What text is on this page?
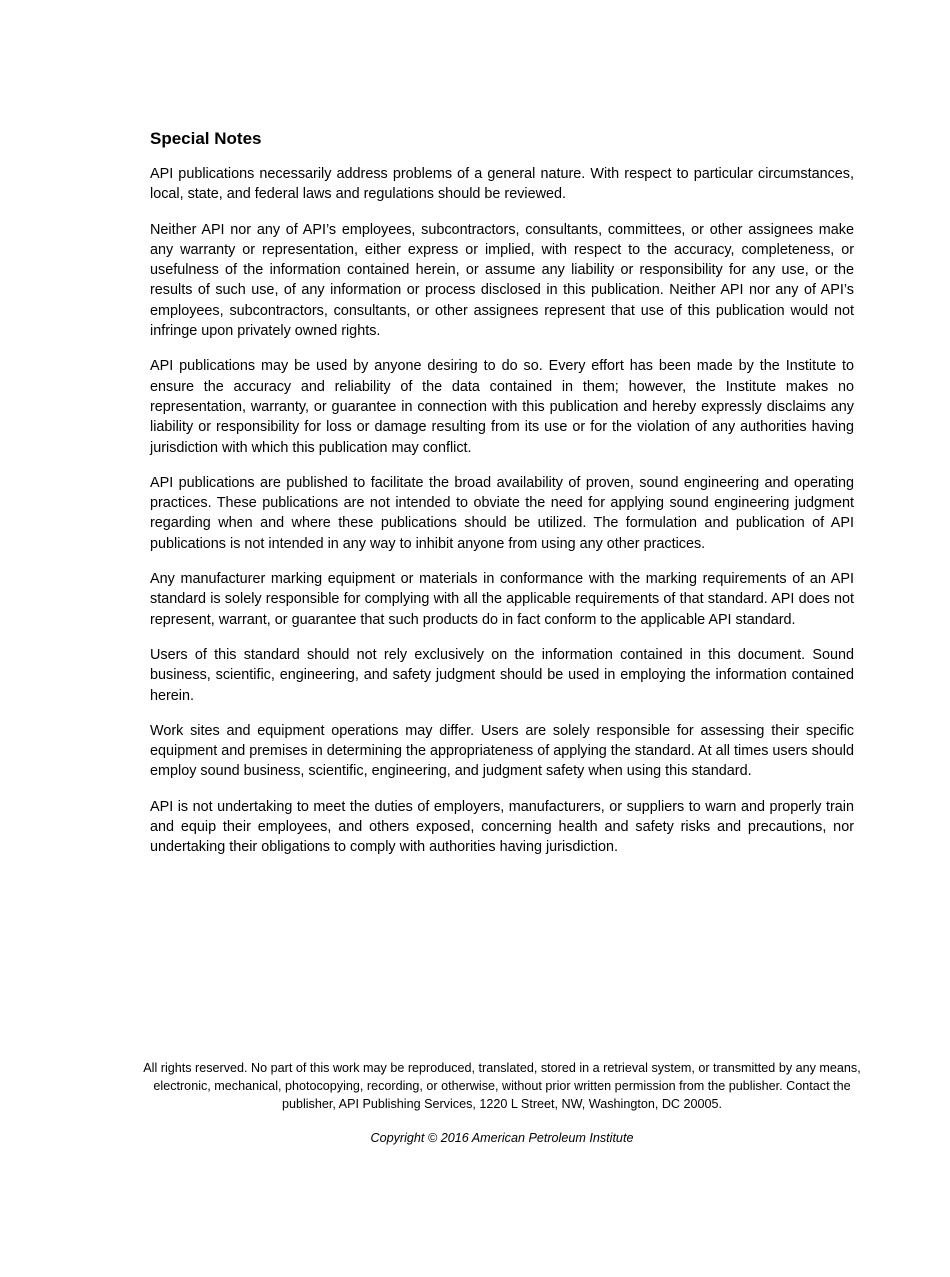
Special Notes

API publications necessarily address problems of a general nature. With respect to particular circumstances, local, state, and federal laws and regulations should be reviewed.

Neither API nor any of API’s employees, subcontractors, consultants, committees, or other assignees make any warranty or representation, either express or implied, with respect to the accuracy, completeness, or usefulness of the information contained herein, or assume any liability or responsibility for any use, or the results of such use, of any information or process disclosed in this publication. Neither API nor any of API’s employees, subcontractors, consultants, or other assignees represent that use of this publication would not infringe upon privately owned rights.

API publications may be used by anyone desiring to do so. Every effort has been made by the Institute to ensure the accuracy and reliability of the data contained in them; however, the Institute makes no representation, warranty, or guarantee in connection with this publication and hereby expressly disclaims any liability or responsibility for loss or damage resulting from its use or for the violation of any authorities having jurisdiction with which this publication may conflict.

API publications are published to facilitate the broad availability of proven, sound engineering and operating practices. These publications are not intended to obviate the need for applying sound engineering judgment regarding when and where these publications should be utilized. The formulation and publication of API publications is not intended in any way to inhibit anyone from using any other practices.

Any manufacturer marking equipment or materials in conformance with the marking requirements of an API standard is solely responsible for complying with all the applicable requirements of that standard. API does not represent, warrant, or guarantee that such products do in fact conform to the applicable API standard.

Users of this standard should not rely exclusively on the information contained in this document. Sound business, scientific, engineering, and safety judgment should be used in employing the information contained herein.

Work sites and equipment operations may differ. Users are solely responsible for assessing their specific equipment and premises in determining the appropriateness of applying the standard. At all times users should employ sound business, scientific, engineering, and judgment safety when using this standard.

API is not undertaking to meet the duties of employers, manufacturers, or suppliers to warn and properly train and equip their employees, and others exposed, concerning health and safety risks and precautions, nor undertaking their obligations to comply with authorities having jurisdiction.

All rights reserved. No part of this work may be reproduced, translated, stored in a retrieval system, or transmitted by any means, electronic, mechanical, photocopying, recording, or otherwise, without prior written permission from the publisher. Contact the publisher, API Publishing Services, 1220 L Street, NW, Washington, DC 20005.

Copyright © 2016 American Petroleum Institute
